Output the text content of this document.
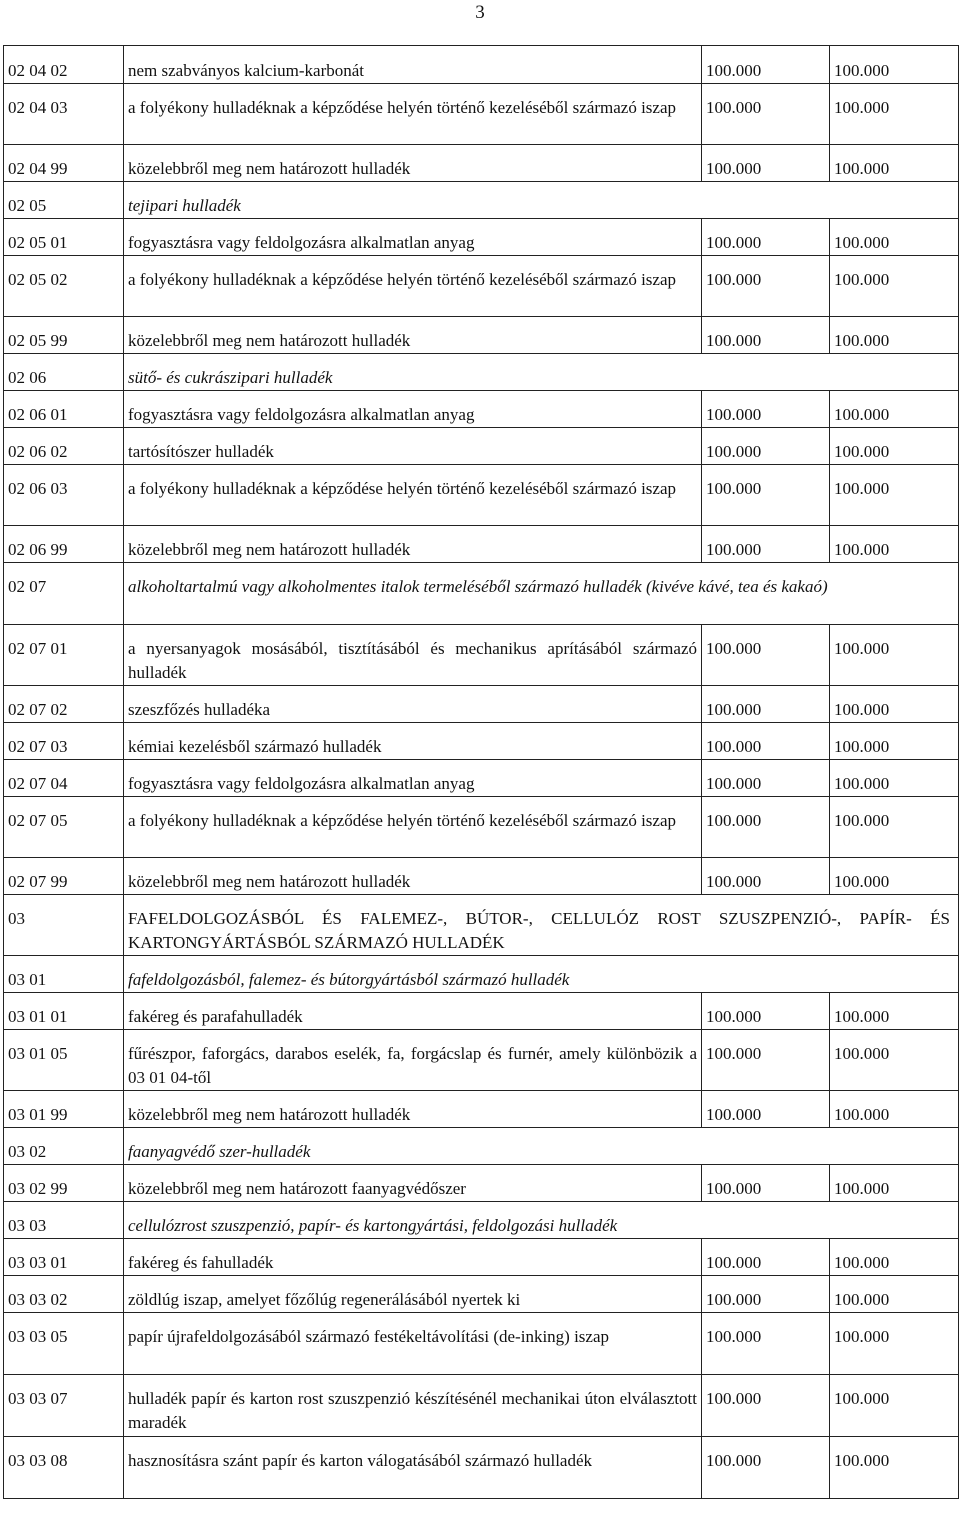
3
02 04 02	nem szabványos kalcium-karbonát	100.000	100.000
02 04 03	a folyékony hulladéknak a képződése helyén történő kezeléséből származó iszap	100.000	100.000
02 04 99	közelebbről meg nem határozott hulladék	100.000	100.000
02 05	tejipari hulladék		
02 05 01	fogyasztásra vagy feldolgozásra alkalmatlan anyag	100.000	100.000
02 05 02	a folyékony hulladéknak a képződése helyén történő kezeléséből származó iszap	100.000	100.000
02 05 99	közelebbről meg nem határozott hulladék	100.000	100.000
02 06	sütő- és cukrászipari hulladék		
02 06 01	fogyasztásra vagy feldolgozásra alkalmatlan anyag	100.000	100.000
02 06 02	tartósítószer hulladék	100.000	100.000
02 06 03	a folyékony hulladéknak a képződése helyén történő kezeléséből származó iszap	100.000	100.000
02 06 99	közelebbről meg nem határozott hulladék	100.000	100.000
02 07	alkoholtartalmú vagy alkoholmentes italok termeléséből származó hulladék (kivéve kávé, tea és kakaó)		
02 07 01	a nyersanyagok mosásából, tisztításából és mechanikus aprításából származó hulladék	100.000	100.000
02 07 02	szeszfőzés hulladéka	100.000	100.000
02 07 03	kémiai kezelésből származó hulladék	100.000	100.000
02 07 04	fogyasztásra vagy feldolgozásra alkalmatlan anyag	100.000	100.000
02 07 05	a folyékony hulladéknak a képződése helyén történő kezeléséből származó iszap	100.000	100.000
02 07 99	közelebbről meg nem határozott hulladék	100.000	100.000
03	FAFELDOLGOZÁSBÓL ÉS FALEMEZ-, BÚTOR-, CELLULÓZ ROST SZUSZPENZIÓ-, PAPÍR- ÉS KARTONGYÁRTÁSBÓL SZÁRMAZÓ HULLADÉK		
03 01	fafeldolgozásból, falemez- és bútorgyártásból származó hulladék		
03 01 01	fakéreg és parafahulladék	100.000	100.000
03 01 05	fűrészpor, faforgács, darabos eselék, fa, forgácslap és furnér, amely különbözik a 03 01 04-től	100.000	100.000
03 01 99	közelebbről meg nem határozott hulladék	100.000	100.000
03 02	faanyagvédő szer-hulladék		
03 02 99	közelebbről meg nem határozott faanyagvédőszer	100.000	100.000
03 03	cellulózrost szuszpenzió, papír- és kartongyártási, feldolgozási hulladék		
03 03 01	fakéreg és fahulladék	100.000	100.000
03 03 02	zöldlúg iszap, amelyet főzőlúg regenerálásából nyertek ki	100.000	100.000
03 03 05	papír újrafeldolgozásából származó festékeltávolítási (de-inking) iszap	100.000	100.000
03 03 07	hulladék papír és karton rost szuszpenzió készítésénél mechanikai úton elválasztott maradék	100.000	100.000
03 03 08	hasznosításra szánt papír és karton válogatásából származó hulladék	100.000	100.000
